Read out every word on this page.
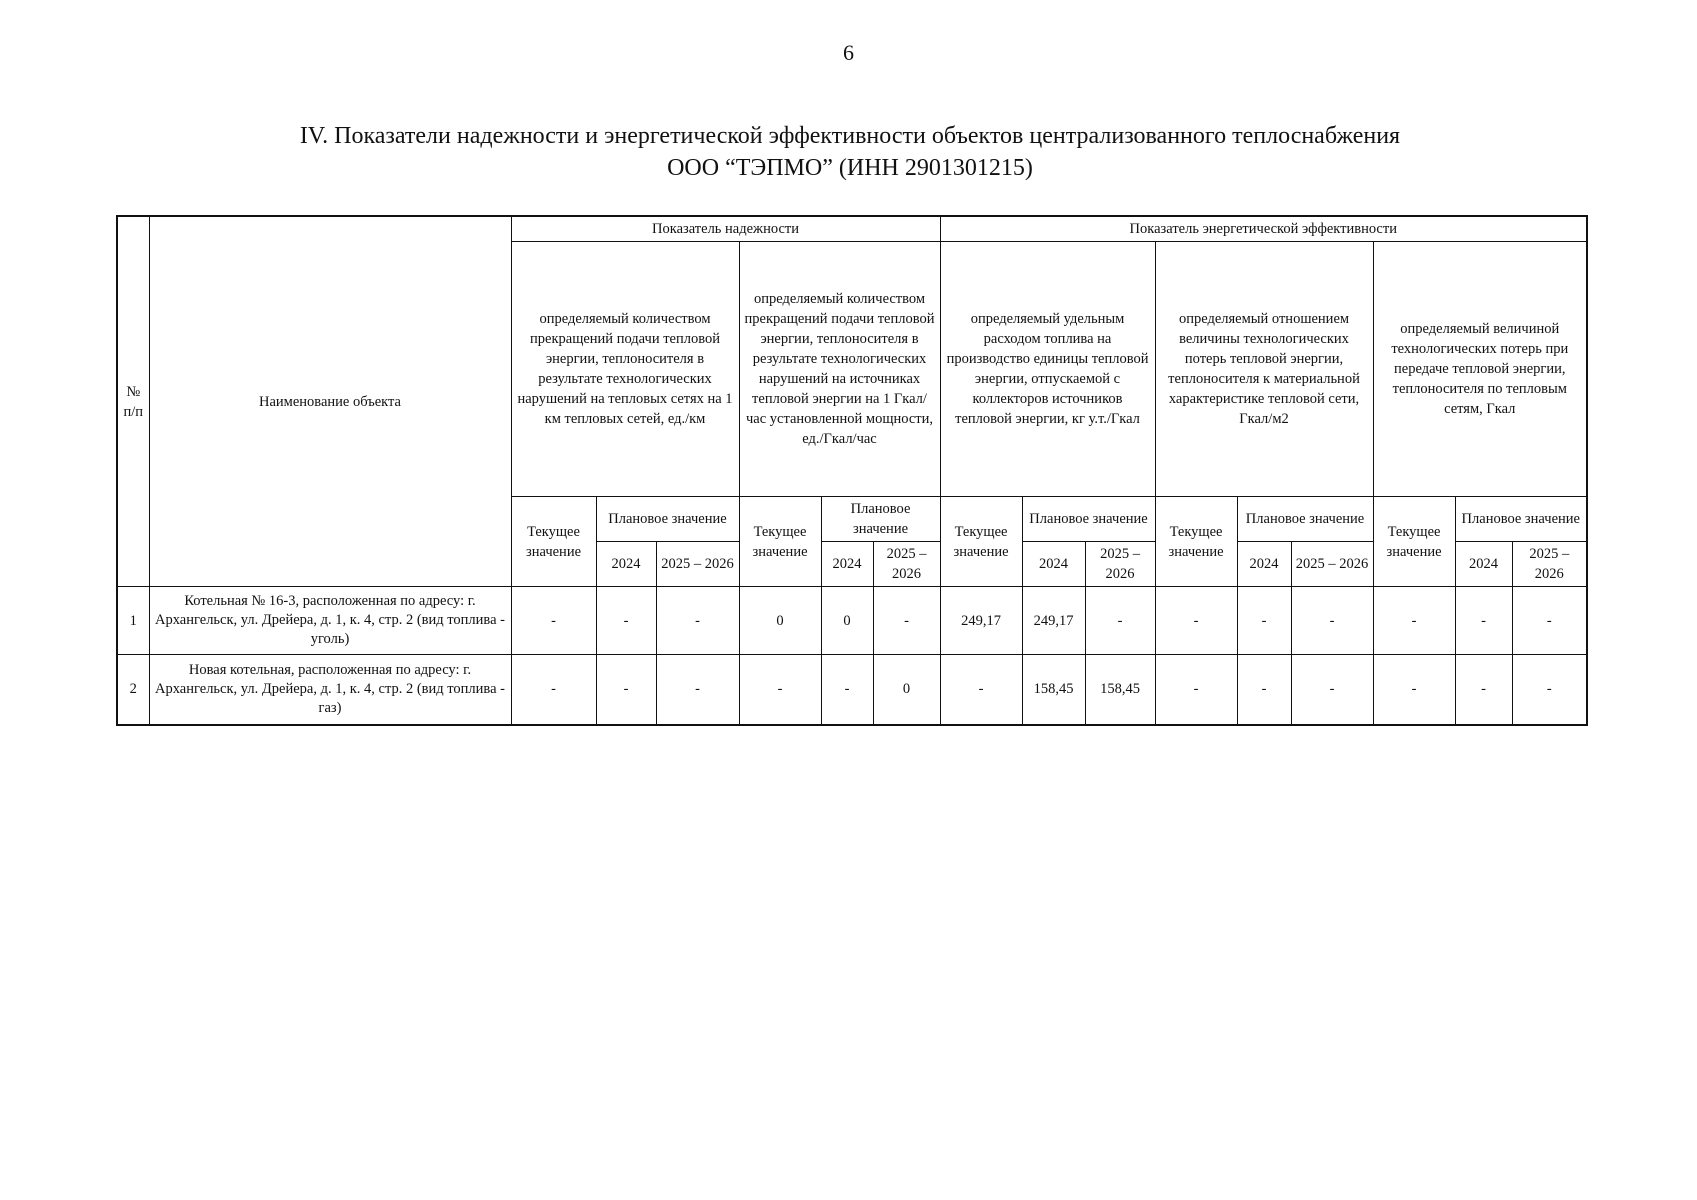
6
IV. Показатели надежности и энергетической эффективности объектов централизованного теплоснабжения
ООО “ТЭПМО” (ИНН 2901301215)
№ п/п	Наименование объекта	Показатель надежности						Показатель энергетической эффективности								
		определяемый количеством прекращений подачи тепловой энергии, теплоносителя в результате технологических нарушений на тепловых сетях на 1 км тепловых сетей, ед./км			определяемый количеством прекращений подачи тепловой энергии, теплоносителя в результате технологических нарушений на источниках тепловой энергии на 1 Гкал/час установленной мощности, ед./Гкал/час			определяемый удельным расходом топлива на производство единицы тепловой энергии, отпускаемой с коллекторов источников тепловой энергии, кг у.т./Гкал			определяемый отношением величины технологических потерь тепловой энергии, теплоносителя к материальной характеристике тепловой сети, Гкал/м2			определяемый величиной технологических потерь при передаче тепловой энергии, теплоносителя по тепловым сетям, Гкал		
		Текущее значение	Плановое значение		Текущее значение	Плановое значение		Текущее значение	Плановое значение		Текущее значение	Плановое значение		Текущее значение	Плановое значение	
			2024	2025 – 2026		2024	2025 – 2026		2024	2025 – 2026		2024	2025 – 2026		2024	2025 – 2026
1	Котельная № 16-3, расположенная по адресу: г. Архангельск, ул. Дрейера, д. 1, к. 4, стр. 2 (вид топлива - уголь)	-	-	-	0	0	-	249,17	249,17	-	-	-	-	-	-	-
2	Новая котельная, расположенная по адресу: г. Архангельск, ул. Дрейера, д. 1, к. 4, стр. 2 (вид топлива - газ)	-	-	-	-	-	0	-	158,45	158,45	-	-	-	-	-	-
